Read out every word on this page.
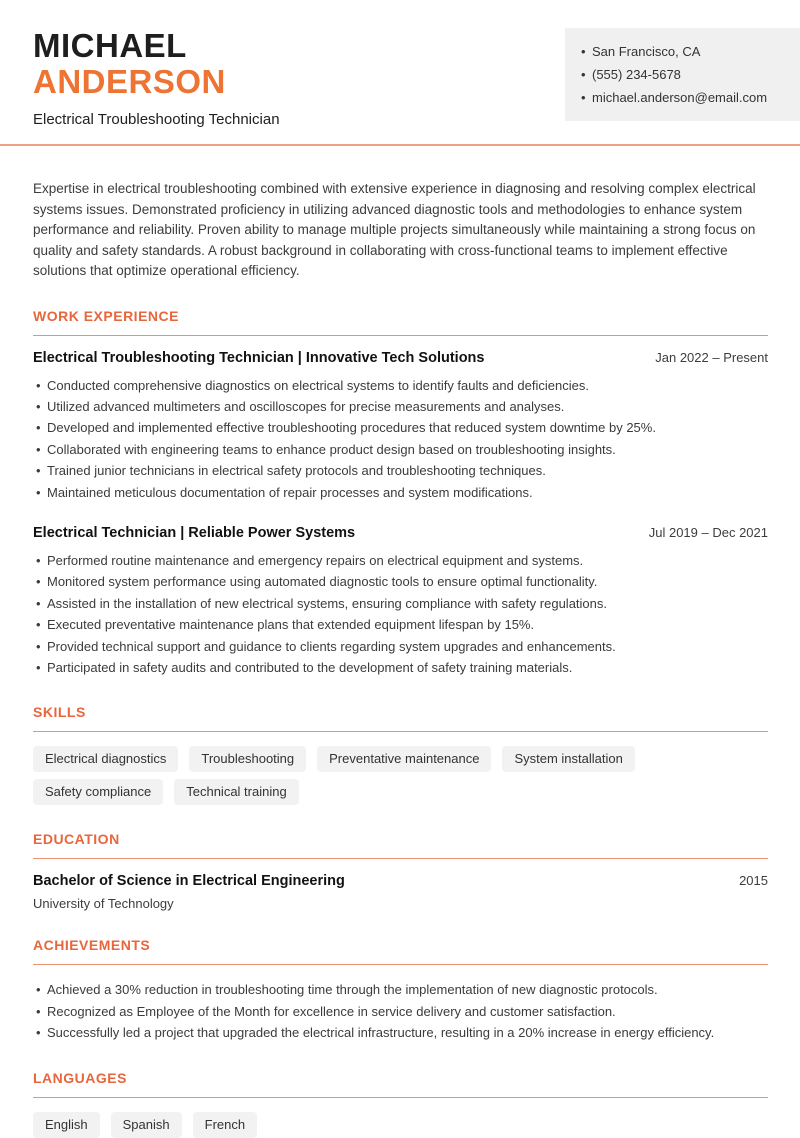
MICHAEL
ANDERSON
Electrical Troubleshooting Technician
• San Francisco, CA
• (555) 234-5678
• michael.anderson@email.com

Expertise in electrical troubleshooting combined with extensive experience in diagnosing and resolving complex electrical systems issues. Demonstrated proficiency in utilizing advanced diagnostic tools and methodologies to enhance system performance and reliability. Proven ability to manage multiple projects simultaneously while maintaining a strong focus on quality and safety standards. A robust background in collaborating with cross-functional teams to implement effective solutions that optimize operational efficiency.

WORK EXPERIENCE
Electrical Troubleshooting Technician | Innovative Tech Solutions	Jan 2022 – Present
• Conducted comprehensive diagnostics on electrical systems to identify faults and deficiencies.
• Utilized advanced multimeters and oscilloscopes for precise measurements and analyses.
• Developed and implemented effective troubleshooting procedures that reduced system downtime by 25%.
• Collaborated with engineering teams to enhance product design based on troubleshooting insights.
• Trained junior technicians in electrical safety protocols and troubleshooting techniques.
• Maintained meticulous documentation of repair processes and system modifications.
Electrical Technician | Reliable Power Systems	Jul 2019 – Dec 2021
• Performed routine maintenance and emergency repairs on electrical equipment and systems.
• Monitored system performance using automated diagnostic tools to ensure optimal functionality.
• Assisted in the installation of new electrical systems, ensuring compliance with safety regulations.
• Executed preventative maintenance plans that extended equipment lifespan by 15%.
• Provided technical support and guidance to clients regarding system upgrades and enhancements.
• Participated in safety audits and contributed to the development of safety training materials.
SKILLS
Electrical diagnostics	Troubleshooting	Preventative maintenance	System installation
Safety compliance	Technical training
EDUCATION
Bachelor of Science in Electrical Engineering	2015
University of Technology
ACHIEVEMENTS
• Achieved a 30% reduction in troubleshooting time through the implementation of new diagnostic protocols.
• Recognized as Employee of the Month for excellence in service delivery and customer satisfaction.
• Successfully led a project that upgraded the electrical infrastructure, resulting in a 20% increase in energy efficiency.
LANGUAGES
English	Spanish	French
